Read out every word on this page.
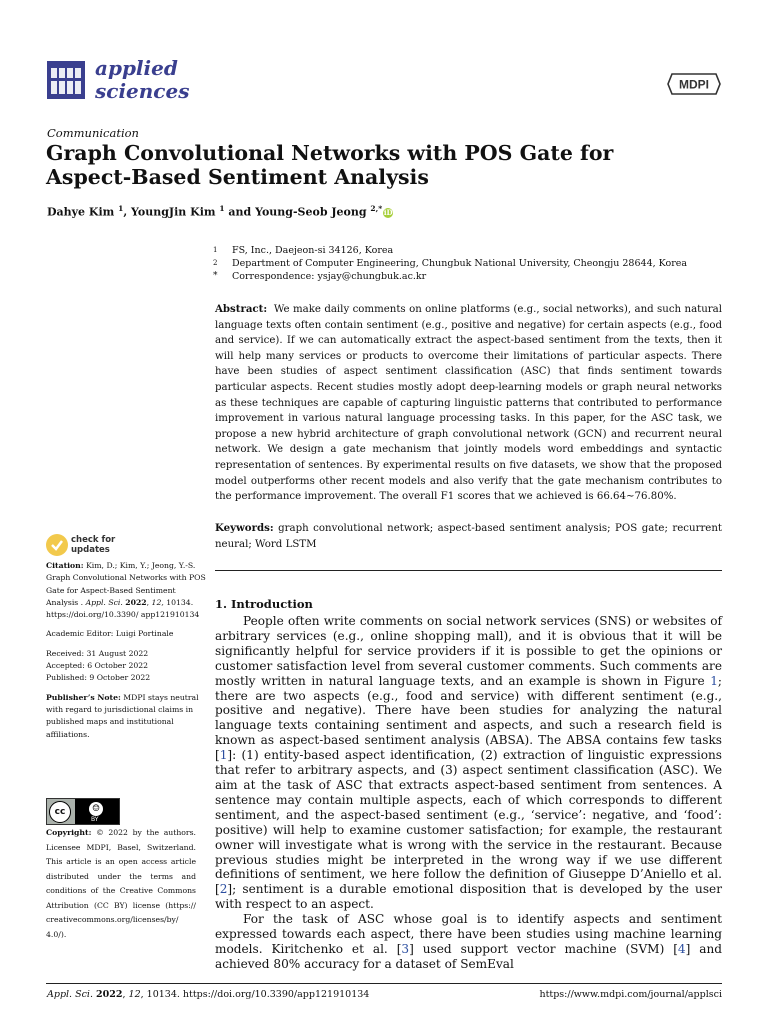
applied
sciences	MDPI
Communication
Graph Convolutional Networks with POS Gate for Aspect-Based Sentiment Analysis
Dahye Kim $^1$, YoungJin Kim $^1$ and Young-Seob Jeong $^{2,*}$ iD
1	FS, Inc., Daejeon-si 34126, Korea
2	Department of Computer Engineering, Chungbuk National University, Cheongju 28644, Korea
*	Correspondence: ysjay@chungbuk.ac.kr
Abstract: We make daily comments on online platforms (e.g., social networks), and such natural language texts often contain sentiment (e.g., positive and negative) for certain aspects (e.g., food and service). If we can automatically extract the aspect-based sentiment from the texts, then it will help many services or products to overcome their limitations of particular aspects. There have been studies of aspect sentiment classification (ASC) that finds sentiment towards particular aspects. Recent studies mostly adopt deep-learning models or graph neural networks as these techniques are capable of capturing linguistic patterns that contributed to performance improvement in various natural language processing tasks. In this paper, for the ASC task, we propose a new hybrid architecture of graph convolutional network (GCN) and recurrent neural network. We design a gate mechanism that jointly models word embeddings and syntactic representation of sentences. By experimental results on five datasets, we show that the proposed model outperforms other recent models and also verify that the gate mechanism contributes to the performance improvement. The overall F1 scores that we achieved is 66.64∼76.80%.
Keywords: graph convolutional network; aspect-based sentiment analysis; POS gate; recurrent neural; Word LSTM
check for
updates

Citation: Kim, D.; Kim, Y.; Jeong, Y.-S. Graph Convolutional Networks with POS Gate for Aspect-Based Sentiment Analysis . Appl. Sci. 2022, 12, 10134. https://doi.org/10.3390/ app121910134

Academic Editor: Luigi Portinale

Received: 31 August 2022

Accepted: 6 October 2022

Published: 9 October 2022

Publisher’s Note: MDPI stays neutral with regard to jurisdictional claims in published maps and institutional affiliations.

cc	☺
BY
Copyright: © 2022 by the authors. Licensee MDPI, Basel, Switzerland. This article is an open access article distributed under the terms and conditions of the Creative Commons Attribution (CC BY) license (https:// creativecommons.org/licenses/by/ 4.0/).
1. Introduction

People often write comments on social network services (SNS) or websites of arbitrary services (e.g., online shopping mall), and it is obvious that it will be significantly helpful for service providers if it is possible to get the opinions or customer satisfaction level from several customer comments. Such comments are mostly written in natural language texts, and an example is shown in Figure 1; there are two aspects (e.g., food and service) with different sentiment (e.g., positive and negative). There have been studies for analyzing the natural language texts containing sentiment and aspects, and such a research field is known as aspect-based sentiment analysis (ABSA). The ABSA contains few tasks [1]: (1) entity-based aspect identification, (2) extraction of linguistic expressions that refer to arbitrary aspects, and (3) aspect sentiment classification (ASC). We aim at the task of ASC that extracts aspect-based sentiment from sentences. A sentence may contain multiple aspects, each of which corresponds to different sentiment, and the aspect-based sentiment (e.g., ‘service’: negative, and ‘food’: positive) will help to examine customer satisfaction; for example, the restaurant owner will investigate what is wrong with the service in the restaurant. Because previous studies might be interpreted in the wrong way if we use different definitions of sentiment, we here follow the definition of Giuseppe D’Aniello et al. [2]; sentiment is a durable emotional disposition that is developed by the user with respect to an aspect.

For the task of ASC whose goal is to identify aspects and sentiment expressed towards each aspect, there have been studies using machine learning models. Kiritchenko et al. [3] used support vector machine (SVM) [4] and achieved 80% accuracy for a dataset of SemEval

Appl. Sci. 2022, 12, 10134. https://doi.org/10.3390/app121910134	https://www.mdpi.com/journal/applsci
